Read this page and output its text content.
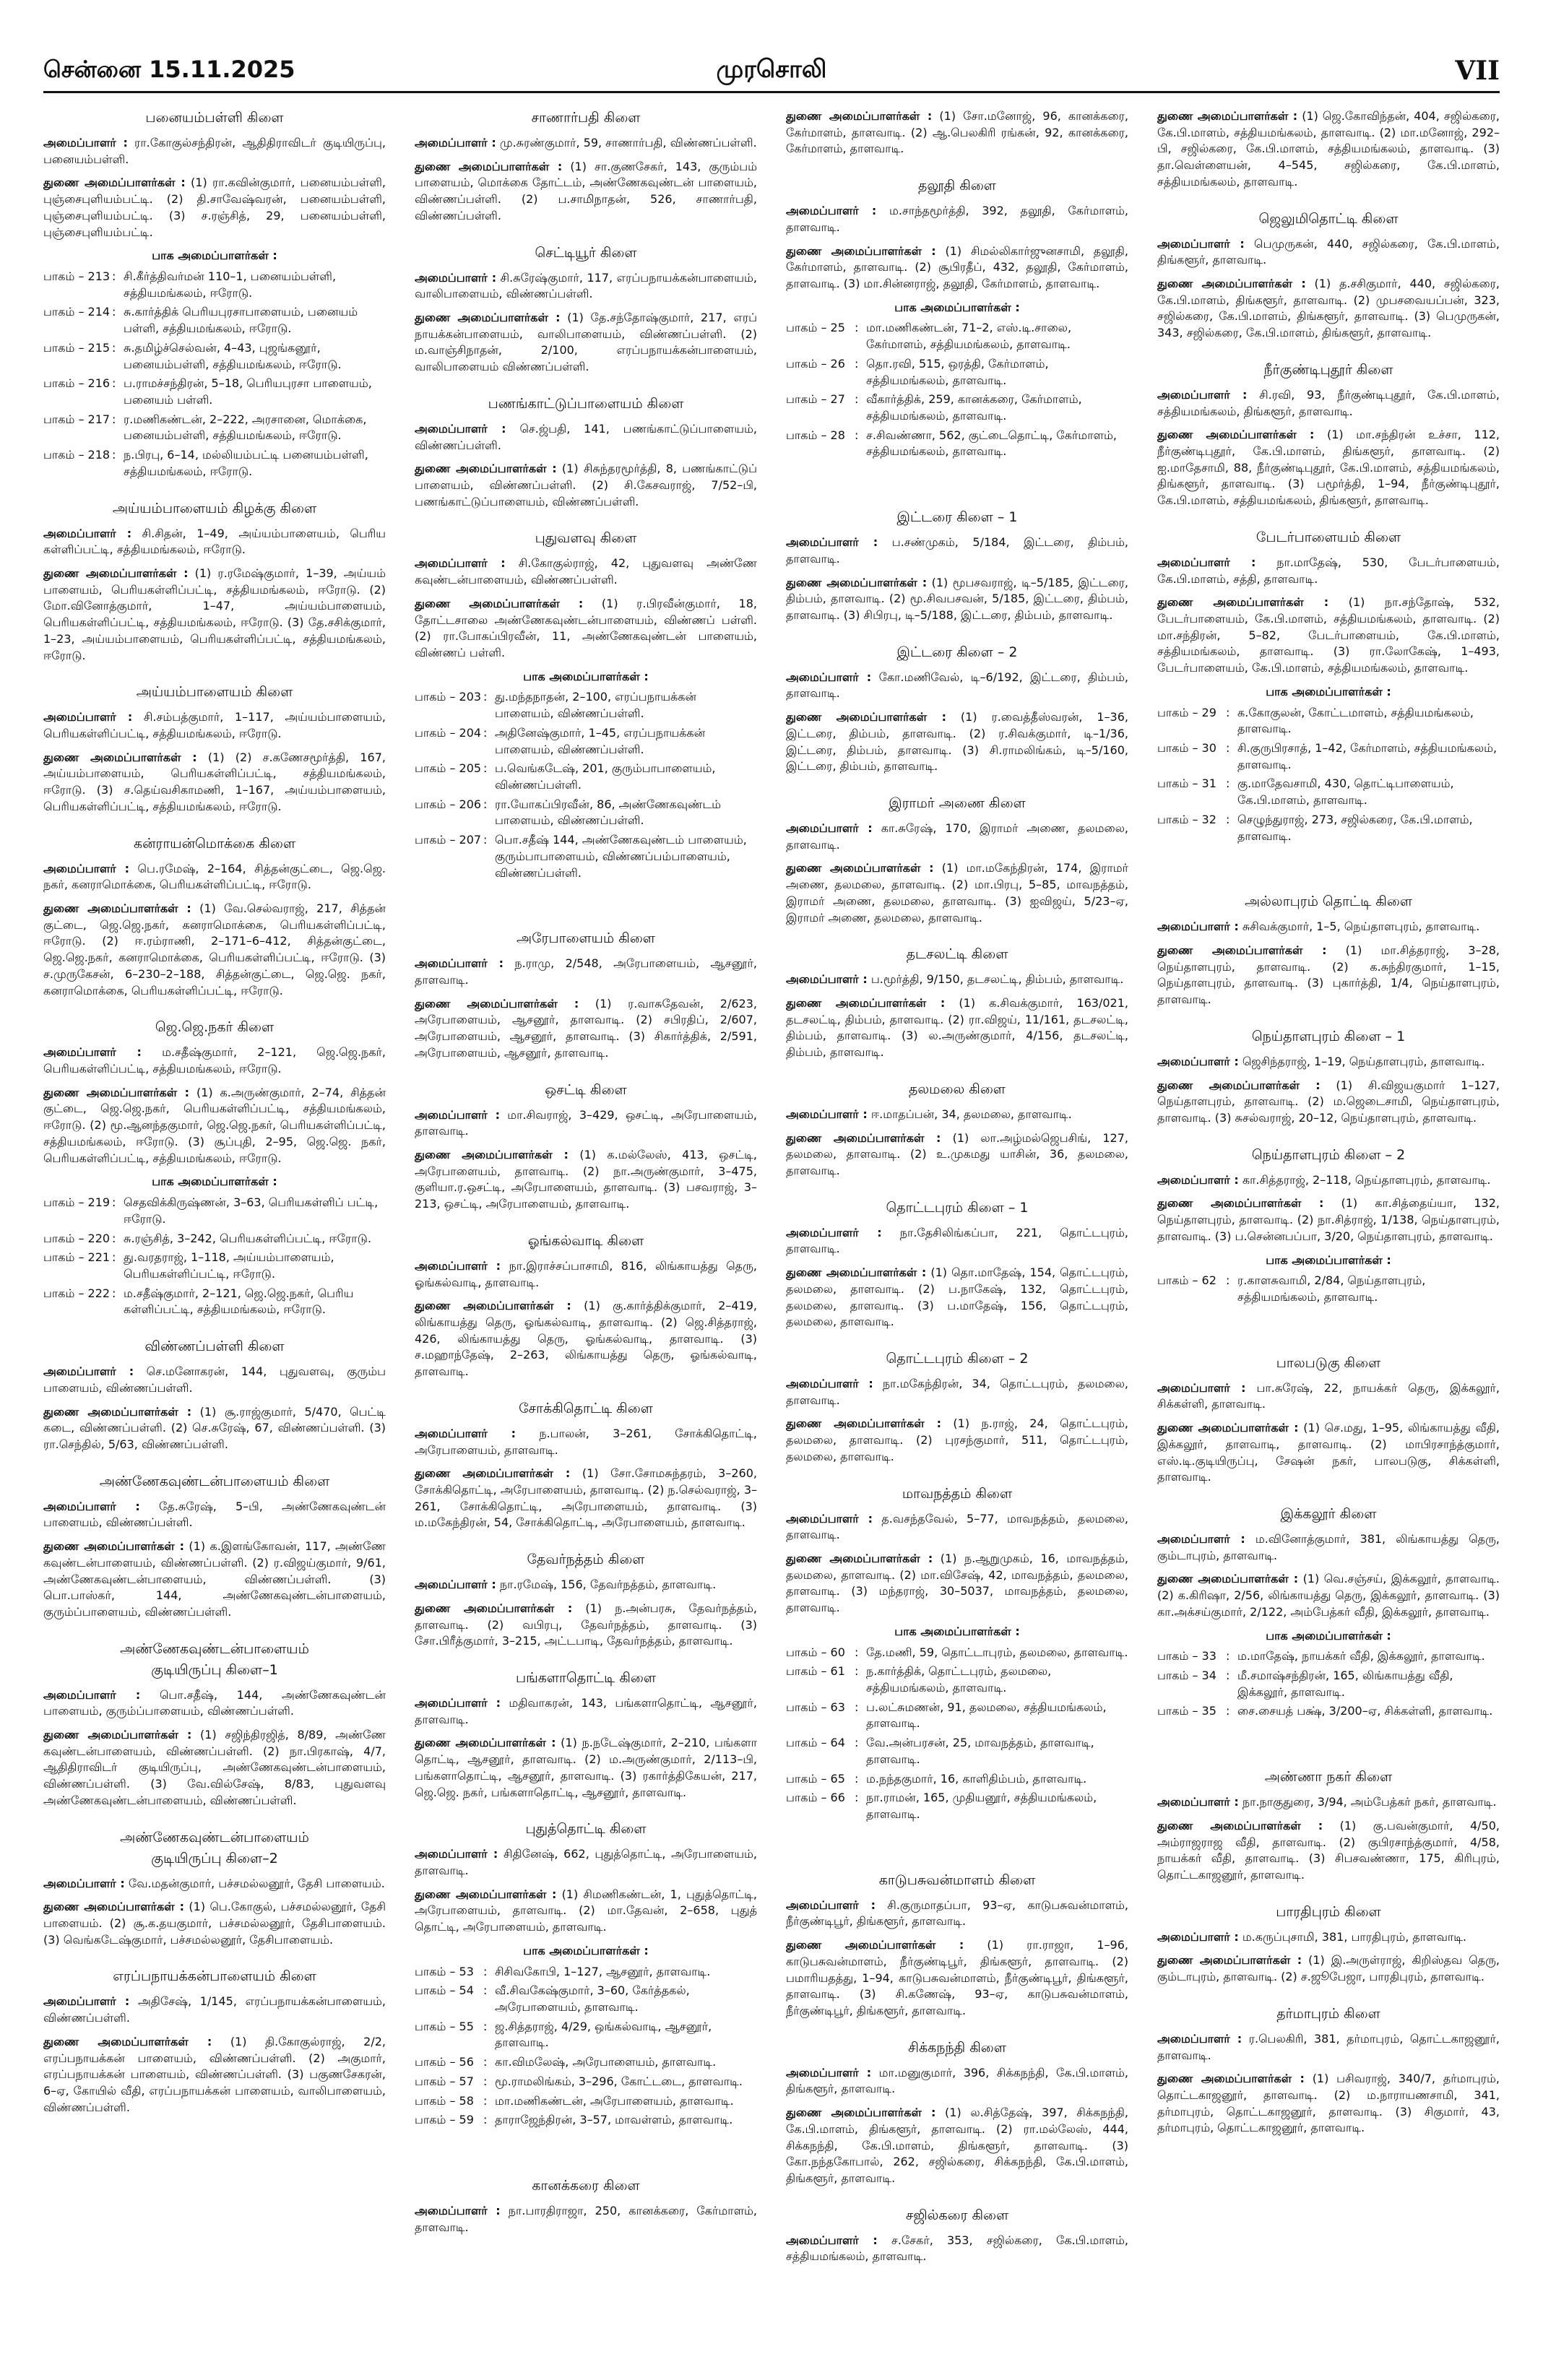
சென்னை 15.11.2025	முரசொலி	VII
பனையம்பள்ளி கிளை

அமைப்பாளர் : ரா.கோகுல்சந்திரன், ஆதிதிராவிடர் குடியிருப்பு, பனையம்பள்ளி.

துணை அமைப்பாளர்கள் : (1) ரா.கவின்குமார், பனையம்பள்ளி, புஞ்சைபுளியம்பட்டி. (2) தி.சாவேஷ்வரன், பனையம்பள்ளி, புஞ்சைபுளியம்பட்டி. (3) ச.ரஞ்சித், 29, பனையம்பள்ளி, புஞ்சைபுளியம்பட்டி.

பாக அமைப்பாளர்கள் :
பாகம் – 213 : சி.கீர்த்திவர்மன் 110–1, பனையம்பள்ளி, சத்தியமங்கலம், ஈரோடு.
பாகம் – 214 : சு.கார்த்திக் பெரியபுரசாபாளையம், பனையம் பள்ளி, சத்தியமங்கலம், ஈரோடு.
பாகம் – 215 : சு.தமிழ்ச்செல்வன், 4–43, புஜங்கனூர், பனையம்பள்ளி, சத்தியமங்கலம், ஈரோடு.
பாகம் – 216 : ப.ராமச்சந்திரன், 5–18, பெரியபுரசா பாளையம், பனையம் பள்ளி.
பாகம் – 217 : ர.மணிகண்டன், 2–222, அரசானை, மொக்கை, பனையம்பள்ளி, சத்தியமங்கலம், ஈரோடு.
பாகம் – 218 : ந.பிரபு, 6–14, மல்லியம்பட்டி பனையம்பள்ளி, சத்தியமங்கலம், ஈரோடு.
அய்யம்பாளையம் கிழக்கு கிளை

அமைப்பாளர் : சி.சிதன், 1–49, அய்யம்பாளையம், பெரிய கள்ளிப்பட்டி, சத்தியமங்கலம், ஈரோடு.

துணை அமைப்பாளர்கள் : (1) ர.ரமேஷ்குமார், 1–39, அய்யம் பாளையம், பெரியகள்ளிப்பட்டி, சத்தியமங்கலம், ஈரோடு. (2) மோ.வினோத்குமார், 1–47, அய்யம்பாளையம், பெரியகள்ளிப்பட்டி, சத்தியமங்கலம், ஈரோடு. (3) தே.சசிக்குமார், 1–23, அய்யம்பாளையம், பெரியகள்ளிப்பட்டி, சத்தியமங்கலம், ஈரோடு.

அய்யம்பாளையம் கிளை

அமைப்பாளர் : சி.சம்பத்குமார், 1–117, அய்யம்பாளையம், பெரியகள்ளிப்பட்டி, சத்தியமங்கலம், ஈரோடு.

துணை அமைப்பாளர்கள் : (1) (2) ச.கணேசமூர்த்தி, 167, அய்யம்பாளையம், பெரியகள்ளிப்பட்டி, சத்தியமங்கலம், ஈரோடு. (3) ச.தெய்வசிகாமணி, 1–167, அய்யம்பாளையம், பெரியகள்ளிப்பட்டி, சத்தியமங்கலம், ஈரோடு.

கன்ராயன்மொக்கை கிளை

அமைப்பாளர் : பெ.ரமேஷ், 2–164, சித்தன்குட்டை, ஜெ.ஜெ. நகர், கனராமொக்கை, பெரியகள்ளிப்பட்டி, ஈரோடு.

துணை அமைப்பாளர்கள் : (1) வே.செல்வராஜ், 217, சித்தன் குட்டை, ஜெ.ஜெ.நகர், கனராமொக்கை, பெரியகள்ளிப்பட்டி, ஈரோடு. (2) ஈ.ரம்ராணி, 2–171–6–412, சித்தன்குட்டை, ஜெ.ஜெ.நகர், கனராமொக்கை, பெரியகள்ளிப்பட்டி, ஈரோடு. (3) ச.முருகேசன், 6–230–2–188, சித்தன்குட்டை, ஜெ.ஜெ. நகர், கனராமொக்கை, பெரியகள்ளிப்பட்டி, ஈரோடு.

ஜெ.ஜெ.நகர் கிளை

அமைப்பாளர் : ம.சதீஷ்குமார், 2–121, ஜெ.ஜெ.நகர், பெரியகள்ளிப்பட்டி, சத்தியமங்கலம், ஈரோடு.

துணை அமைப்பாளர்கள் : (1) க.அருண்குமார், 2–74, சித்தன் குட்டை, ஜெ.ஜெ.நகர், பெரியகள்ளிப்பட்டி, சத்தியமங்கலம், ஈரோடு. (2) மூ.ஆனந்தகுமார், ஜெ.ஜெ.நகர், பெரியகள்ளிப்பட்டி, சத்தியமங்கலம், ஈரோடு. (3) சூப்புதி, 2–95, ஜெ.ஜெ. நகர், பெரியகள்ளிப்பட்டி, சத்தியமங்கலம், ஈரோடு.

பாக அமைப்பாளர்கள் :
பாகம் – 219 : செதவிக்கிருஷ்ணன், 3–63, பெரியகள்ளிப் பட்டி, ஈரோடு.
பாகம் – 220 : சு.ரஞ்சித், 3–242, பெரியகள்ளிப்பட்டி, ஈரோடு.
பாகம் – 221 : து.வரதராஜ், 1–118, அய்யம்பாளையம், பெரியகள்ளிப்பட்டி, ஈரோடு.
பாகம் – 222 : ம.சதீஷ்குமார், 2–121, ஜெ.ஜெ.நகர், பெரிய கள்ளிப்பட்டி, சத்தியமங்கலம், ஈரோடு.
விண்ணப்பள்ளி கிளை

அமைப்பாளர் : செ.மனோகரன், 144, புதுவளவு, குரும்ப பாளையம், விண்ணப்பள்ளி.

துணை அமைப்பாளர்கள் : (1) சூ.ராஜ்குமார், 5/470, பெட்டி கடை, விண்ணப்பள்ளி. (2) செ.சுரேஷ், 67, விண்ணப்பள்ளி. (3) ரா.செந்தில், 5/63, விண்ணப்பள்ளி.

அண்ணேகவுண்டன்பாளையம் கிளை

அமைப்பாளர் : தே.சுரேஷ், 5–பி, அண்ணேகவுண்டன் பாளையம், விண்ணப்பள்ளி.

துணை அமைப்பாளர்கள் : (1) க.இளங்கோவன், 117, அண்ணே கவுண்டன்பாளையம், விண்ணப்பள்ளி. (2) ர.விஜய்குமார், 9/61, அண்ணேகவுண்டன்பாளையம், விண்ணப்பள்ளி. (3) பொ.பாஸ்கர், 144, அண்ணேகவுண்டன்பாளையம், குரும்ப்பாளையம், விண்ணப்பள்ளி.

அண்ணேகவுண்டன்பாளையம்
குடியிருப்பு கிளை–1

அமைப்பாளர் : பொ.சதீஷ், 144, அண்ணேகவுண்டன் பாளையம், குரும்ப்பாளையம், விண்ணப்பள்ளி.

துணை அமைப்பாளர்கள் : (1) சஜிந்திரஜித், 8/89, அண்ணே கவுண்டன்பாளையம், விண்ணப்பள்ளி. (2) நா.பிரகாஷ், 4/7, ஆதிதிராவிடர் குடியிருப்பு, அண்ணேகவுண்டன்பாளையம், விண்ணப்பள்ளி. (3) வே.வில்சேஷ், 8/83, புதுவளவு அண்ணேகவுண்டன்பாளையம், விண்ணப்பள்ளி.

அண்ணேகவுண்டன்பாளையம்
குடியிருப்பு கிளை–2

அமைப்பாளர் : வே.மதன்குமார், பச்சமல்லனூர், தேசி பாளையம்.

துணை அமைப்பாளர்கள் : (1) பெ.கோகுல், பச்சமல்லனூர், தேசி பாளையம். (2) சூ.க.தயகுமார், பச்சமல்லனூர், தேசிபாளையம். (3) வெங்கடேஷ்குமார், பச்சமல்லனூர், தேசிபாளையம்.

எரப்பநாயக்கன்பாளையம் கிளை

அமைப்பாளர் : அதிசேஷ், 1/145, எரப்பநாயக்கன்பாளையம், விண்ணப்பள்ளி.

துணை அமைப்பாளர்கள் : (1) தி.கோகுல்ராஜ், 2/2, எரப்பநாயக்கன் பாளையம், விண்ணப்பள்ளி. (2) அகுமார், எரப்பநாயக்கன் பாளையம், விண்ணப்பள்ளி. (3) பகுணசேகரன், 6–ஏ, கோயில் வீதி, எரப்பநாயக்கன் பாளையம், வாலிபாளையம், விண்ணப்பள்ளி.

சாணார்பதி கிளை

அமைப்பாளர் : மு.சுரண்குமார், 59, சாணார்பதி, விண்ணப்பள்ளி.

துணை அமைப்பாளர்கள் : (1) சா.குணசேகர், 143, குரும்பம் பாளையம், மொக்கை தோட்டம், அண்ணேகவுண்டன் பாளையம், விண்ணப்பள்ளி. (2) ப.சாமிநாதன், 526, சாணார்பதி, விண்ணப்பள்ளி.

செட்டியூர் கிளை

அமைப்பாளர் : சி.சுரேஷ்குமார், 117, எரப்பநாயக்கன்பாளையம், வாலிபாளையம், விண்ணப்பள்ளி.

துணை அமைப்பாளர்கள் : (1) தே.சந்தோஷ்குமார், 217, எரப் நாயக்கன்பாளையம், வாலிபாளையம், விண்ணப்பள்ளி. (2) ம.வாஞ்சிநாதன், 2/100, எரப்பநாயக்கன்பாளையம், வாலிபாளையம் விண்ணப்பள்ளி.

பணங்காட்டுப்பாளையம் கிளை

அமைப்பாளர் : செ.ஜ்பதி, 141, பணங்காட்டுப்பாளையம், விண்ணப்பள்ளி.

துணை அமைப்பாளர்கள் : (1) சிசுந்தரமூர்த்தி, 8, பணங்காட்டுப் பாளையம், விண்ணப்பள்ளி. (2) சி.கேசவராஜ், 7/52–பி, பணங்காட்டுப்பாளையம், விண்ணப்பள்ளி.

புதுவளவு கிளை

அமைப்பாளர் : சி.கோகுல்ராஜ், 42, புதுவளவு அண்ணே கவுண்டன்பாளையம், விண்ணப்பள்ளி.

துணை அமைப்பாளர்கள் : (1) ர.பிரவீன்குமார், 18, தோட்டசாலை அண்ணேகவுண்டன்பாளையம், விண்ணப் பள்ளி. (2) ரா.போகப்பிரவீன், 11, அண்ணேகவுண்டன் பாளையம், விண்ணப் பள்ளி.

பாக அமைப்பாளர்கள் :
பாகம் – 203 : து.மந்தநாதன், 2–100, எரப்பநாயக்கன் பாளையம், விண்ணப்பள்ளி.
பாகம் – 204 : அதினேஷ்குமார், 1–45, எரப்பநாயக்கன் பாளையம், விண்ணப்பள்ளி.
பாகம் – 205 : ப.வெங்கடேஷ், 201, குரும்பாபாளையம், விண்ணப்பள்ளி.
பாகம் – 206 : ரா.யோகப்பிரவீன், 86, அண்ணேகவுண்டம் பாளையம், விண்ணப்பள்ளி.
பாகம் – 207 : பொ.சதீஷ் 144, அண்ணேகவுண்டம் பாளையம், குரும்பாபாளையம், விண்ணப்பம்பாளையம், விண்ணப்பள்ளி.
அரேபாளையம் கிளை

அமைப்பாளர் : ந.ராமு, 2/548, அரேபாளையம், ஆசனூர், தாளவாடி.

துணை அமைப்பாளர்கள் : (1) ர.வாசுதேவன், 2/623, அரேபாளையம், ஆசனூர், தாளவாடி. (2) சபிரதிப், 2/607, அரேபாளையம், ஆசனூர், தாளவாடி. (3) சிகார்த்திக், 2/591, அரேபாளையம், ஆசனூர், தாளவாடி.

ஒசட்டி கிளை

அமைப்பாளர் : மா.சிவராஜ், 3–429, ஒசட்டி, அரேபாளையம், தாளவாடி.

துணை அமைப்பாளர்கள் : (1) க.மல்லேஸ், 413, ஒசட்டி, அரேபாளையம், தாளவாடி. (2) நா.அருண்குமார், 3–475, குளியா.ர.ஒசட்டி, அரேபாளையம், தாளவாடி. (3) பசவராஜ், 3–213, ஒசட்டி, அரேபாளையம், தாளவாடி.

ஓங்கல்வாடி கிளை

அமைப்பாளர் : நா.இராச்சப்பாசாமி, 816, லிங்காயத்து தெரு, ஓங்கல்வாடி, தாளவாடி.

துணை அமைப்பாளர்கள் : (1) கு.கார்த்திக்குமார், 2–419, லிங்காயத்து தெரு, ஓங்கல்வாடி, தாளவாடி. (2) ஜெ.சித்தராஜ், 426, லிங்காயத்து தெரு, ஓங்கல்வாடி, தாளவாடி. (3) ச.மஹாந்தேஷ், 2–263, லிங்காயத்து தெரு, ஓங்கல்வாடி, தாளவாடி.

சோக்கிதொட்டி கிளை

அமைப்பாளர் : ந.பாலன், 3–261, சோக்கிதொட்டி, அரேபாளையம், தாளவாடி.

துணை அமைப்பாளர்கள் : (1) சோ.சோமசுந்தரம், 3–260, சோக்கிதொட்டி, அரேபாளையம், தாளவாடி. (2) ந.செல்வராஜ், 3–261, சோக்கிதொட்டி, அரேபாளையம், தாளவாடி. (3) ம.மகேந்திரன், 54, சோக்கிதொட்டி, அரேபாளையம், தாளவாடி.

தேவர்நத்தம் கிளை

அமைப்பாளர் : நா.ரமேஷ், 156, தேவர்நத்தம், தாளவாடி.

துணை அமைப்பாளர்கள் : (1) ந.அன்பரசு, தேவர்நத்தம், தாளவாடி. (2) வபிரபு, தேவர்நத்தம், தாளவாடி. (3) சோ.பிரீத்குமார், 3–215, அட்டபாடி, தேவர்நத்தம், தாளவாடி.

பங்களாதொட்டி கிளை

அமைப்பாளர் : மதிவாகரன், 143, பங்களாதொட்டி, ஆசனூர், தாளவாடி.

துணை அமைப்பாளர்கள் : (1) ந.நடேஷ்குமார், 2–210, பங்களா தொட்டி, ஆசனூர், தாளவாடி. (2) ம.அருண்குமார், 2/113–பி, பங்களாதொட்டி, ஆசனூர், தாளவாடி. (3) ரகார்த்திகேயன், 217, ஜெ.ஜெ. நகர், பங்களாதொட்டி, ஆசனூர், தாளவாடி.

புதுத்தொட்டி கிளை

அமைப்பாளர் : சிதினேஷ், 662, புதுத்தொட்டி, அரேபாளையம், தாளவாடி.

துணை அமைப்பாளர்கள் : (1) சிமணிகண்டன், 1, புதுத்தொட்டி, அரேபாளையம், தாளவாடி. (2) மா.தேவன், 2–658, புதுத் தொட்டி, அரேபாளையம், தாளவாடி.

பாக அமைப்பாளர்கள் :
பாகம் – 53 : சிசிவகோபி, 1–127, ஆசனூர், தாளவாடி.
பாகம் – 54 : வீ.சிவகேஷ்குமார், 3–60, கேர்த்தகல், அரேபாளையம், தாளவாடி.
பாகம் – 55 : ஜ.சித்தராஜ், 4/29, ஒங்கல்வாடி, ஆசனூர், தாளவாடி.
பாகம் – 56 : கா.விமலேஷ், அரேபாளையம், தாளவாடி.
பாகம் – 57 : மூ.ராமலிங்கம், 3–296, கோட்டடை, தாளவாடி.
பாகம் – 58 : மா.மணிகண்டன், அரேபாளையம், தாளவாடி.
பாகம் – 59 : தாராஜேந்திரன், 3–57, மாவள்ளம், தாளவாடி.
கானக்கரை கிளை

அமைப்பாளர் : நா.பாரதிராஜா, 250, கானக்கரை, கேர்மாளம், தாளவாடி.

துணை அமைப்பாளர்கள் : (1) சோ.மனோஜ், 96, கானக்கரை, கேர்மாளம், தாளவாடி. (2) ஆ.பெலகிரி ரங்கன், 92, கானக்கரை, கேர்மாளம், தாளவாடி.

தலூதி கிளை

அமைப்பாளர் : ம.சாந்தமூர்த்தி, 392, தலூதி, கேர்மாளம், தாளவாடி.

துணை அமைப்பாளர்கள் : (1) சிமல்லிகார்ஜுனசாமி, தலூதி, கேர்மாளம், தாளவாடி. (2) சூபிரதீப், 432, தலூதி, கேர்மாளம், தாளவாடி. (3) மா.சின்னராஜ், தலூதி, கேர்மாளம், தாளவாடி.

பாக அமைப்பாளர்கள் :
பாகம் – 25 : மா.மணிகண்டன், 71–2, எஸ்.டி.சாலை, கேர்மாளம், சத்தியமங்கலம், தாளவாடி.
பாகம் – 26 : தொ.ரவி, 515, ஒரத்தி, கேர்மாளம், சத்தியமங்கலம், தாளவாடி.
பாகம் – 27 : வீகார்த்திக், 259, கானக்கரை, கேர்மாளம், சத்தியமங்கலம், தாளவாடி.
பாகம் – 28 : ச.சிவண்ணா, 562, குட்டைதொட்டி, கேர்மாளம், சத்தியமங்கலம், தாளவாடி.
இட்டரை கிளை – 1

அமைப்பாளர் : ப.சண்முகம், 5/184, இட்டரை, திம்பம், தாளவாடி.

துணை அமைப்பாளர்கள் : (1) மூபசவராஜ், டி–5/185, இட்டரை, திம்பம், தாளவாடி. (2) மூ.சிவபசவன், 5/185, இட்டரை, திம்பம், தாளவாடி. (3) சிபிரபு, டி–5/188, இட்டரை, திம்பம், தாளவாடி.

இட்டரை கிளை – 2

அமைப்பாளர் : கோ.மணிவேல், டி–6/192, இட்டரை, திம்பம், தாளவாடி.

துணை அமைப்பாளர்கள் : (1) ர.வைத்தீஸ்வரன், 1–36, இட்டரை, திம்பம், தாளவாடி. (2) ர.சிவக்குமார், டி–1/36, இட்டரை, திம்பம், தாளவாடி. (3) சி.ராமலிங்கம், டி–5/160, இட்டரை, திம்பம், தாளவாடி.

இராமர் அணை கிளை

அமைப்பாளர் : கா.சுரேஷ், 170, இராமர் அணை, தலமலை, தாளவாடி.

துணை அமைப்பாளர்கள் : (1) மா.மகேந்திரன், 174, இராமர் அணை, தலமலை, தாளவாடி. (2) மா.பிரபு, 5–85, மாவநத்தம், இராமர் அணை, தலமலை, தாளவாடி. (3) ஐவிஜய், 5/23–ஏ, இராமர் அணை, தலமலை, தாளவாடி.

தடசலட்டி கிளை

அமைப்பாளர் : ப.மூர்த்தி, 9/150, தடசலட்டி, திம்பம், தாளவாடி.

துணை அமைப்பாளர்கள் : (1) க.சிவக்குமார், 163/021, தடசலட்டி, திம்பம், தாளவாடி. (2) ரா.விஜய், 11/161, தடசலட்டி, திம்பம், தாளவாடி. (3) ல.அருண்குமார், 4/156, தடசலட்டி, திம்பம், தாளவாடி.

தலமலை கிளை

அமைப்பாளர் : ஈ.மாதப்பன், 34, தலமலை, தாளவாடி.

துணை அமைப்பாளர்கள் : (1) லா.அழ்மல்ஜெபசிங், 127, தலமலை, தாளவாடி. (2) உ.முகமது யாசின், 36, தலமலை, தாளவாடி.

தொட்டபுரம் கிளை – 1

அமைப்பாளர் : நா.தேசிலிங்கப்பா, 221, தொட்டபுரம், தாளவாடி.

துணை அமைப்பாளர்கள் : (1) தொ.மாதேஷ், 154, தொட்டபுரம், தலமலை, தாளவாடி. (2) ப.நாகேஷ், 132, தொட்டபுரம், தலமலை, தாளவாடி. (3) ப.மாதேஷ், 156, தொட்டபுரம், தலமலை, தாளவாடி.

தொட்டபுரம் கிளை – 2

அமைப்பாளர் : நா.மகேந்திரன், 34, தொட்டபுரம், தலமலை, தாளவாடி.

துணை அமைப்பாளர்கள் : (1) ந.ராஜ், 24, தொட்டபுரம், தலமலை, தாளவாடி. (2) புரசந்குமார், 511, தொட்டபுரம், தலமலை, தாளவாடி.

மாவநத்தம் கிளை

அமைப்பாளர் : த.வசந்தவேல், 5–77, மாவநத்தம், தலமலை, தாளவாடி.

துணை அமைப்பாளர்கள் : (1) ந.ஆறுமுகம், 16, மாவநத்தம், தலமலை, தாளவாடி. (2) மா.விசேஷ், 42, மாவநத்தம், தலமலை, தாளவாடி. (3) மந்தராஜ், 30–5037, மாவநத்தம், தலமலை, தாளவாடி.

பாக அமைப்பாளர்கள் :
பாகம் – 60 : தே.மணி, 59, தொட்டாபுரம், தலமலை, தாளவாடி.
பாகம் – 61 : ந.கார்த்திக், தொட்டபுரம், தலமலை, சத்தியமங்கலம், தாளவாடி.
பாகம் – 63 : ப.லட்சுமணன், 91, தலமலை, சத்தியமங்கலம், தாளவாடி.
பாகம் – 64 : வே.அன்பரசன், 25, மாவநத்தம், தாளவாடி, தாளவாடி.
பாகம் – 65 : ம.நந்தகுமார், 16, காளிதிம்பம், தாளவாடி.
பாகம் – 66 : நா.ராமன், 165, முதியனூர், சத்தியமங்கலம், தாளவாடி.
காடுபசுவன்மாளம் கிளை

அமைப்பாளர் : சி.குருமாதப்பா, 93–ஏ, காடுபசுவன்மாளம், நீர்குண்டிபூர், திங்களூர், தாளவாடி.

துணை அமைப்பாளர்கள் : (1) ரா.ராஜா, 1–96, காடுபசுவன்மாளம், நீர்குண்டிபூர், திங்களூர், தாளவாடி. (2) பமாரியதத்து, 1–94, காடுபசுவன்மாளம், நீர்குண்டிபூர், திங்களூர், தாளவாடி. (3) சி.கணேஷ், 93–ஏ, காடுபசுவன்மாளம், நீர்குண்டிபூர், திங்களூர், தாளவாடி.

சிக்கநந்தி கிளை

அமைப்பாளர் : மா.மனுகுமார், 396, சிக்கநந்தி, கே.பி.மாளம், திங்களூர், தாளவாடி.

துணை அமைப்பாளர்கள் : (1) ல.சித்தேஷ், 397, சிக்கநந்தி, கே.பி.மாளம், திங்களூர், தாளவாடி. (2) ரா.மல்லேஸ், 444, சிக்கநந்தி, கே.பி.மாளம், திங்களூர், தாளவாடி. (3) கோ.நந்தகோபால், 262, சஜில்கரை, சிக்கநந்தி, கே.பி.மாளம், திங்களூர், தாளவாடி.

சஜில்கரை கிளை

அமைப்பாளர் : ச.சேகர், 353, சஜில்கரை, கே.பி.மாளம், சத்தியமங்கலம், தாளவாடி.

துணை அமைப்பாளர்கள் : (1) ஜெ.கோவிந்தன், 404, சஜில்கரை, கே.பி.மாளம், சத்தியமங்கலம், தாளவாடி. (2) மா.மனோஜ், 292–பி, சஜில்கரை, கே.பி.மாளம், சத்தியமங்கலம், தாளவாடி. (3) தா.வெள்ளையன், 4–545, சஜில்கரை, கே.பி.மாளம், சத்தியமங்கலம், தாளவாடி.

ஜெலுமிதொட்டி கிளை

அமைப்பாளர் : பெமுருகன், 440, சஜில்கரை, கே.பி.மாளம், திங்களூர், தாளவாடி.

துணை அமைப்பாளர்கள் : (1) த.சசிகுமார், 440, சஜில்கரை, கே.பி.மாளம், திங்களூர், தாளவாடி. (2) முபசவையப்பன், 323, சஜில்கரை, கே.பி.மாளம், திங்களூர், தாளவாடி. (3) பெமுருகன், 343, சஜில்கரை, கே.பி.மாளம், திங்களூர், தாளவாடி.

நீர்குண்டிபுதூர் கிளை

அமைப்பாளர் : சி.ரவி, 93, நீர்குண்டிபுதூர், கே.பி.மாளம், சத்தியமங்கலம், திங்களூர், தாளவாடி.

துணை அமைப்பாளர்கள் : (1) மா.சந்திரன் உச்சா, 112, நீர்குண்டிபுதூர், கே.பி.மாளம், திங்களூர், தாளவாடி. (2) ஐ.மாதேசாமி, 88, நீர்குண்டிபுதூர், கே.பி.மாளம், சத்தியமங்கலம், திங்களூர், தாளவாடி. (3) பமூர்த்தி, 1–94, நீர்குண்டிபுதூர், கே.பி.மாளம், சத்தியமங்கலம், திங்களூர், தாளவாடி.

பேடர்பாளையம் கிளை

அமைப்பாளர் : நா.மாதேஷ், 530, பேடர்பாளையம், கே.பி.மாளம், சத்தி, தாளவாடி.

துணை அமைப்பாளர்கள் : (1) நா.சந்தோஷ், 532, பேடர்பாளையம், கே.பி.மாளம், சத்தியமங்கலம், தாளவாடி. (2) மா.சந்திரன், 5–82, பேடர்பாளையம், கே.பி.மாளம், சத்தியமங்கலம், தாளவாடி. (3) ரா.லோகேஷ், 1–493, பேடர்பாளையம், கே.பி.மாளம், சத்தியமங்கலம், தாளவாடி.

பாக அமைப்பாளர்கள் :
பாகம் – 29 : க.கோகுலன், கோட்டமாளம், சத்தியமங்கலம், தாளவாடி.
பாகம் – 30 : சி.குருபிரசாத், 1–42, கேர்மாளம், சத்தியமங்கலம், தாளவாடி.
பாகம் – 31 : கு.மாதேவசாமி, 430, தொட்டிபாளையம், கே.பி.மாளம், தாளவாடி.
பாகம் – 32 : செழுந்துராஜ், 273, சஜில்கரை, கே.பி.மாளம், தாளவாடி.
அல்லாபுரம் தொட்டி கிளை

அமைப்பாளர் : சுசிவக்குமார், 1–5, நெய்தாளபுரம், தாளவாடி.

துணை அமைப்பாளர்கள் : (1) மா.சித்தராஜ், 3–28, நெய்தாளபுரம், தாளவாடி. (2) க.சுந்திரகுமார், 1–15, நெய்தாளபுரம், தாளவாடி. (3) புகார்த்தி, 1/4, நெய்தாளபுரம், தாளவாடி.

நெய்தாளபுரம் கிளை – 1

அமைப்பாளர் : ஜெசிந்தராஜ், 1–19, நெய்தாளபுரம், தாளவாடி.

துணை அமைப்பாளர்கள் : (1) சி.விஜயகுமார் 1–127, நெய்தாளபுரம், தாளவாடி. (2) ம.ஜெடைசாமி, நெய்தாளபுரம், தாளவாடி. (3) சுசல்வராஜ், 20–12, நெய்தாளபுரம், தாளவாடி.

நெய்தாளபுரம் கிளை – 2

அமைப்பாளர் : கா.சித்தராஜ், 2–118, நெய்தாளபுரம், தாளவாடி.

துணை அமைப்பாளர்கள் : (1) கா.சித்தைய்யா, 132, நெய்தாளபுரம், தாளவாடி. (2) நா.சித்ராஜ், 1/138, நெய்தாளபுரம், தாளவாடி. (3) ப.சென்னபப்பா, 3/20, நெய்தாளபுரம், தாளவாடி.

பாக அமைப்பாளர்கள் :
பாகம் – 62 : ர.காளசுவாமி, 2/84, நெய்தாளபுரம், சத்தியமங்கலம், தாளவாடி.
பாலபடுகு கிளை

அமைப்பாளர் : பா.சுரேஷ், 22, நாயக்கர் தெரு, இக்கலூர், சிக்கள்ளி, தாளவாடி.

துணை அமைப்பாளர்கள் : (1) செ.மது, 1–95, லிங்காயத்து வீதி, இக்கலூர், தாளவாடி, தாளவாடி. (2) மாபிரசாந்த்குமார், எஸ்.டி.குடியிருப்பு, சேஷன் நகர், பாலபடுகு, சிக்கள்ளி, தாளவாடி.

இக்கலூர் கிளை

அமைப்பாளர் : ம.வினோத்குமார், 381, லிங்காயத்து தெரு, கும்டாபுரம், தாளவாடி.

துணை அமைப்பாளர்கள் : (1) வெ.சஞ்சய், இக்கலூர், தாளவாடி. (2) க.கிரிஷா, 2/56, லிங்காயத்து தெரு, இக்கலூர், தாளவாடி. (3) கா.அக்சய்குமார், 2/122, அம்பேத்கர் வீதி, இக்கலூர், தாளவாடி.

பாக அமைப்பாளர்கள் :
பாகம் – 33 : ம.மாதேஷ், நாயக்கர் வீதி, இக்கலூர், தாளவாடி.
பாகம் – 34 : மீ.சமாஷ்சந்திரன், 165, லிங்காயத்து வீதி, இக்கலூர், தாளவாடி.
பாகம் – 35 : சை.சையத் பக்ஷ், 3/200–ஏ, சிக்கள்ளி, தாளவாடி.
அண்ணா நகர் கிளை

அமைப்பாளர் : நா.நாகுதுரை, 3/94, அம்பேத்கர் நகர், தாளவாடி.

துணை அமைப்பாளர்கள் : (1) கு.பவன்குமார், 4/50, அம்ராஜராஜ வீதி, தாளவாடி. (2) குபிரசாந்த்குமார், 4/58, நாயக்கர் வீதி, தாளவாடி. (3) சிபசவண்ணா, 175, கிரிபுரம், தொட்டகாஜனூர், தாளவாடி.

பாரதிபுரம் கிளை

அமைப்பாளர் : ம.கருப்புசாமி, 381, பாரதிபுரம், தாளவாடி.

துணை அமைப்பாளர்கள் : (1) இ.அருள்ராஜ், கிறிஸ்தவ தெரு, கும்டாபுரம், தாளவாடி. (2) ச.ஜூபேஜா, பாரதிபுரம், தாளவாடி.

தர்மாபுரம் கிளை

அமைப்பாளர் : ர.பெலகிரி, 381, தர்மாபுரம், தொட்டகாஜனூர், தாளவாடி.

துணை அமைப்பாளர்கள் : (1) பசிவராஜ், 340/7, தர்மாபுரம், தொட்டகாஜனூர், தாளவாடி. (2) ம.நாராயணசாமி, 341, தர்மாபுரம், தொட்டகாஜனூர், தாளவாடி. (3) சிகுமார், 43, தர்மாபுரம், தொட்டகாஜனூர், தாளவாடி.
